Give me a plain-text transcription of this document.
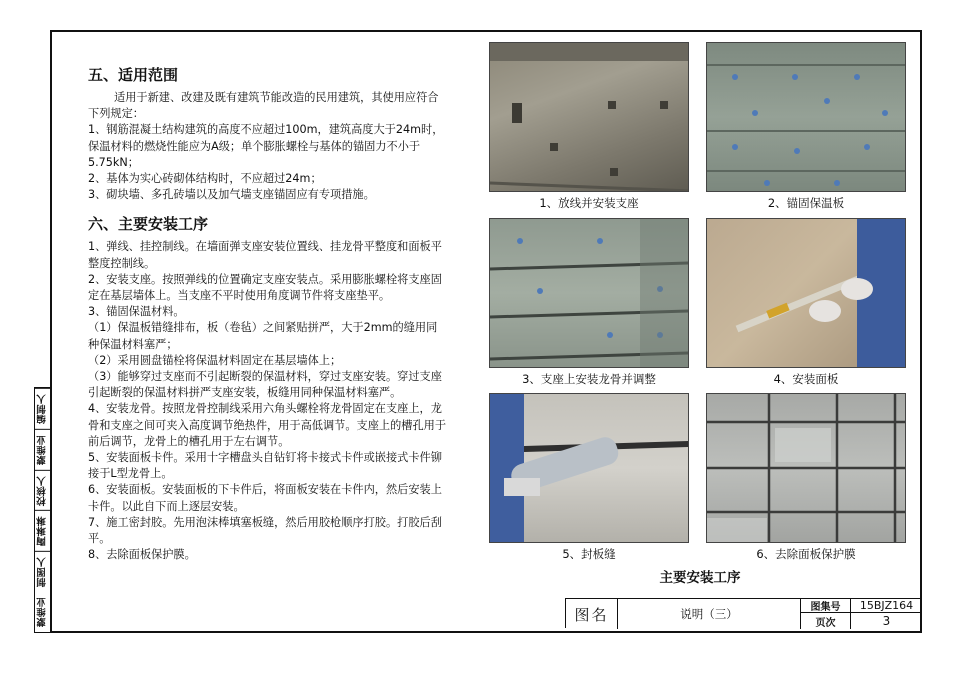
编制人
蒙维业
校核人
陶琳琳
制图人
蒙维业
五、适用范围

适用于新建、改建及既有建筑节能改造的民用建筑，其使用应符合下列规定：

1、钢筋混凝土结构建筑的高度不应超过100m，建筑高度大于24m时，保温材料的燃烧性能应为A级；单个膨胀螺栓与基体的锚固力不小于5.75kN；

2、基体为实心砖砌体结构时，不应超过24m；

3、砌块墙、多孔砖墙以及加气墙支座锚固应有专项措施。

六、主要安装工序

1、弹线、挂控制线。在墙面弹支座安装位置线、挂龙骨平整度和面板平整度控制线。

2、安装支座。按照弹线的位置确定支座安装点。采用膨胀螺栓将支座固定在基层墙体上。当支座不平时使用角度调节件将支座垫平。

3、锚固保温材料。

（1）保温板错缝排布，板（卷毡）之间紧贴拼严，大于2mm的缝用同种保温材料塞严；

（2）采用圆盘锚栓将保温材料固定在基层墙体上；

（3）能够穿过支座而不引起断裂的保温材料，穿过支座安装。穿过支座引起断裂的保温材料拼严支座安装，板缝用同种保温材料塞严。

4、安装龙骨。按照龙骨控制线采用六角头螺栓将龙骨固定在支座上，龙骨和支座之间可夹入高度调节绝热件，用于高低调节。支座上的槽孔用于前后调节，龙骨上的槽孔用于左右调节。

5、安装面板卡件。采用十字槽盘头自钻钉将卡接式卡件或嵌接式卡件铆接于L型龙骨上。

6、安装面板。安装面板的下卡件后，将面板安装在卡件内，然后安装上卡件。以此自下而上逐层安装。

7、施工密封胶。先用泡沫棒填塞板缝，然后用胶枪顺序打胶。打胶后刮平。

8、去除面板保护膜。

1、放线并安装支座	2、锚固保温板
3、支座上安装龙骨并调整	4、安装面板
5、封板缝	6、去除面板保护膜
主要安装工序
图名	说明（三）	图集号	15BJZ164
页次	3
